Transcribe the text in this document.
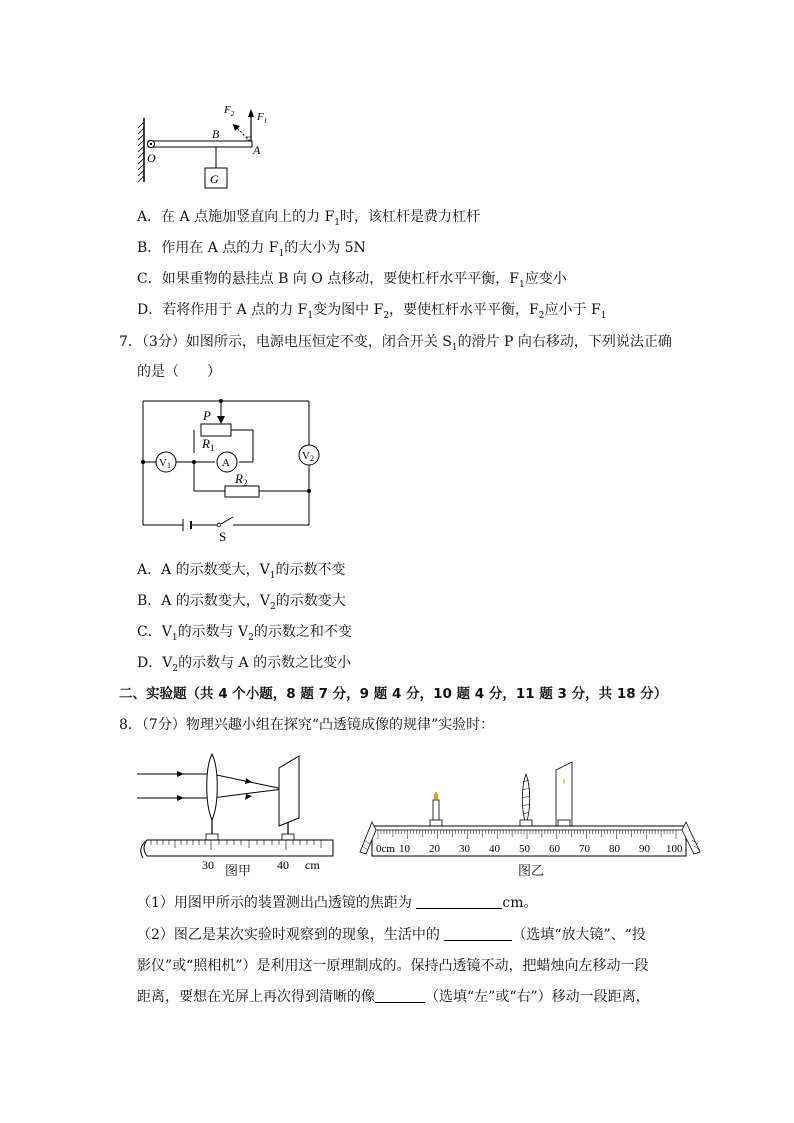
G
$F_2$ $F_1$
B
O
A
A．在 A 点施加竖直向上的力 $F_1$时，该杠杆是费力杠杆
B．作用在 A 点的力 $F_1$的大小为 5N
C．如果重物的悬挂点 B 向 O 点移动，要使杠杆水平平衡，$F_1$应变小
D．若将作用于 A 点的力 $F_1$变为图中 $F_2$，要使杠杆水平平衡，$F_2$应小于 $F_1$
7．（3分）如图所示，电源电压恒定不变，闭合开关 $S_1$的滑片 P 向右移动，下列说法正确
的是（　　）
P
$R_1$
V1	A
V2
$R_2$
S
A．A 的示数变大，$V_1$的示数不变
B．A 的示数变大，$V_2$的示数变大
C．$V_1$的示数与 $V_2$的示数之和不变
D．$V_2$的示数与 A 的示数之比变小
二、实验题（共 4 个小题，8 题 7 分，9 题 4 分，10 题 4 分，11 题 3 分，共 18 分）
8．（7分）物理兴趣小组在探究“凸透镜成像的规律”实验时：
30	40 cm
图甲
0cm 10 20 30 40 50 60 70 80 90 100
图乙
（1）用图甲所示的装置测出凸透镜的焦距为	cm。
（2）图乙是某次实验时观察到的现象，生活中的	（选填“放大镜”、“投
影仪”或“照相机”）是利用这一原理制成的。保持凸透镜不动，把蜡烛向左移动一段
距离，要想在光屏上再次得到清晰的像	（选填“左”或“右”）移动一段距离，
